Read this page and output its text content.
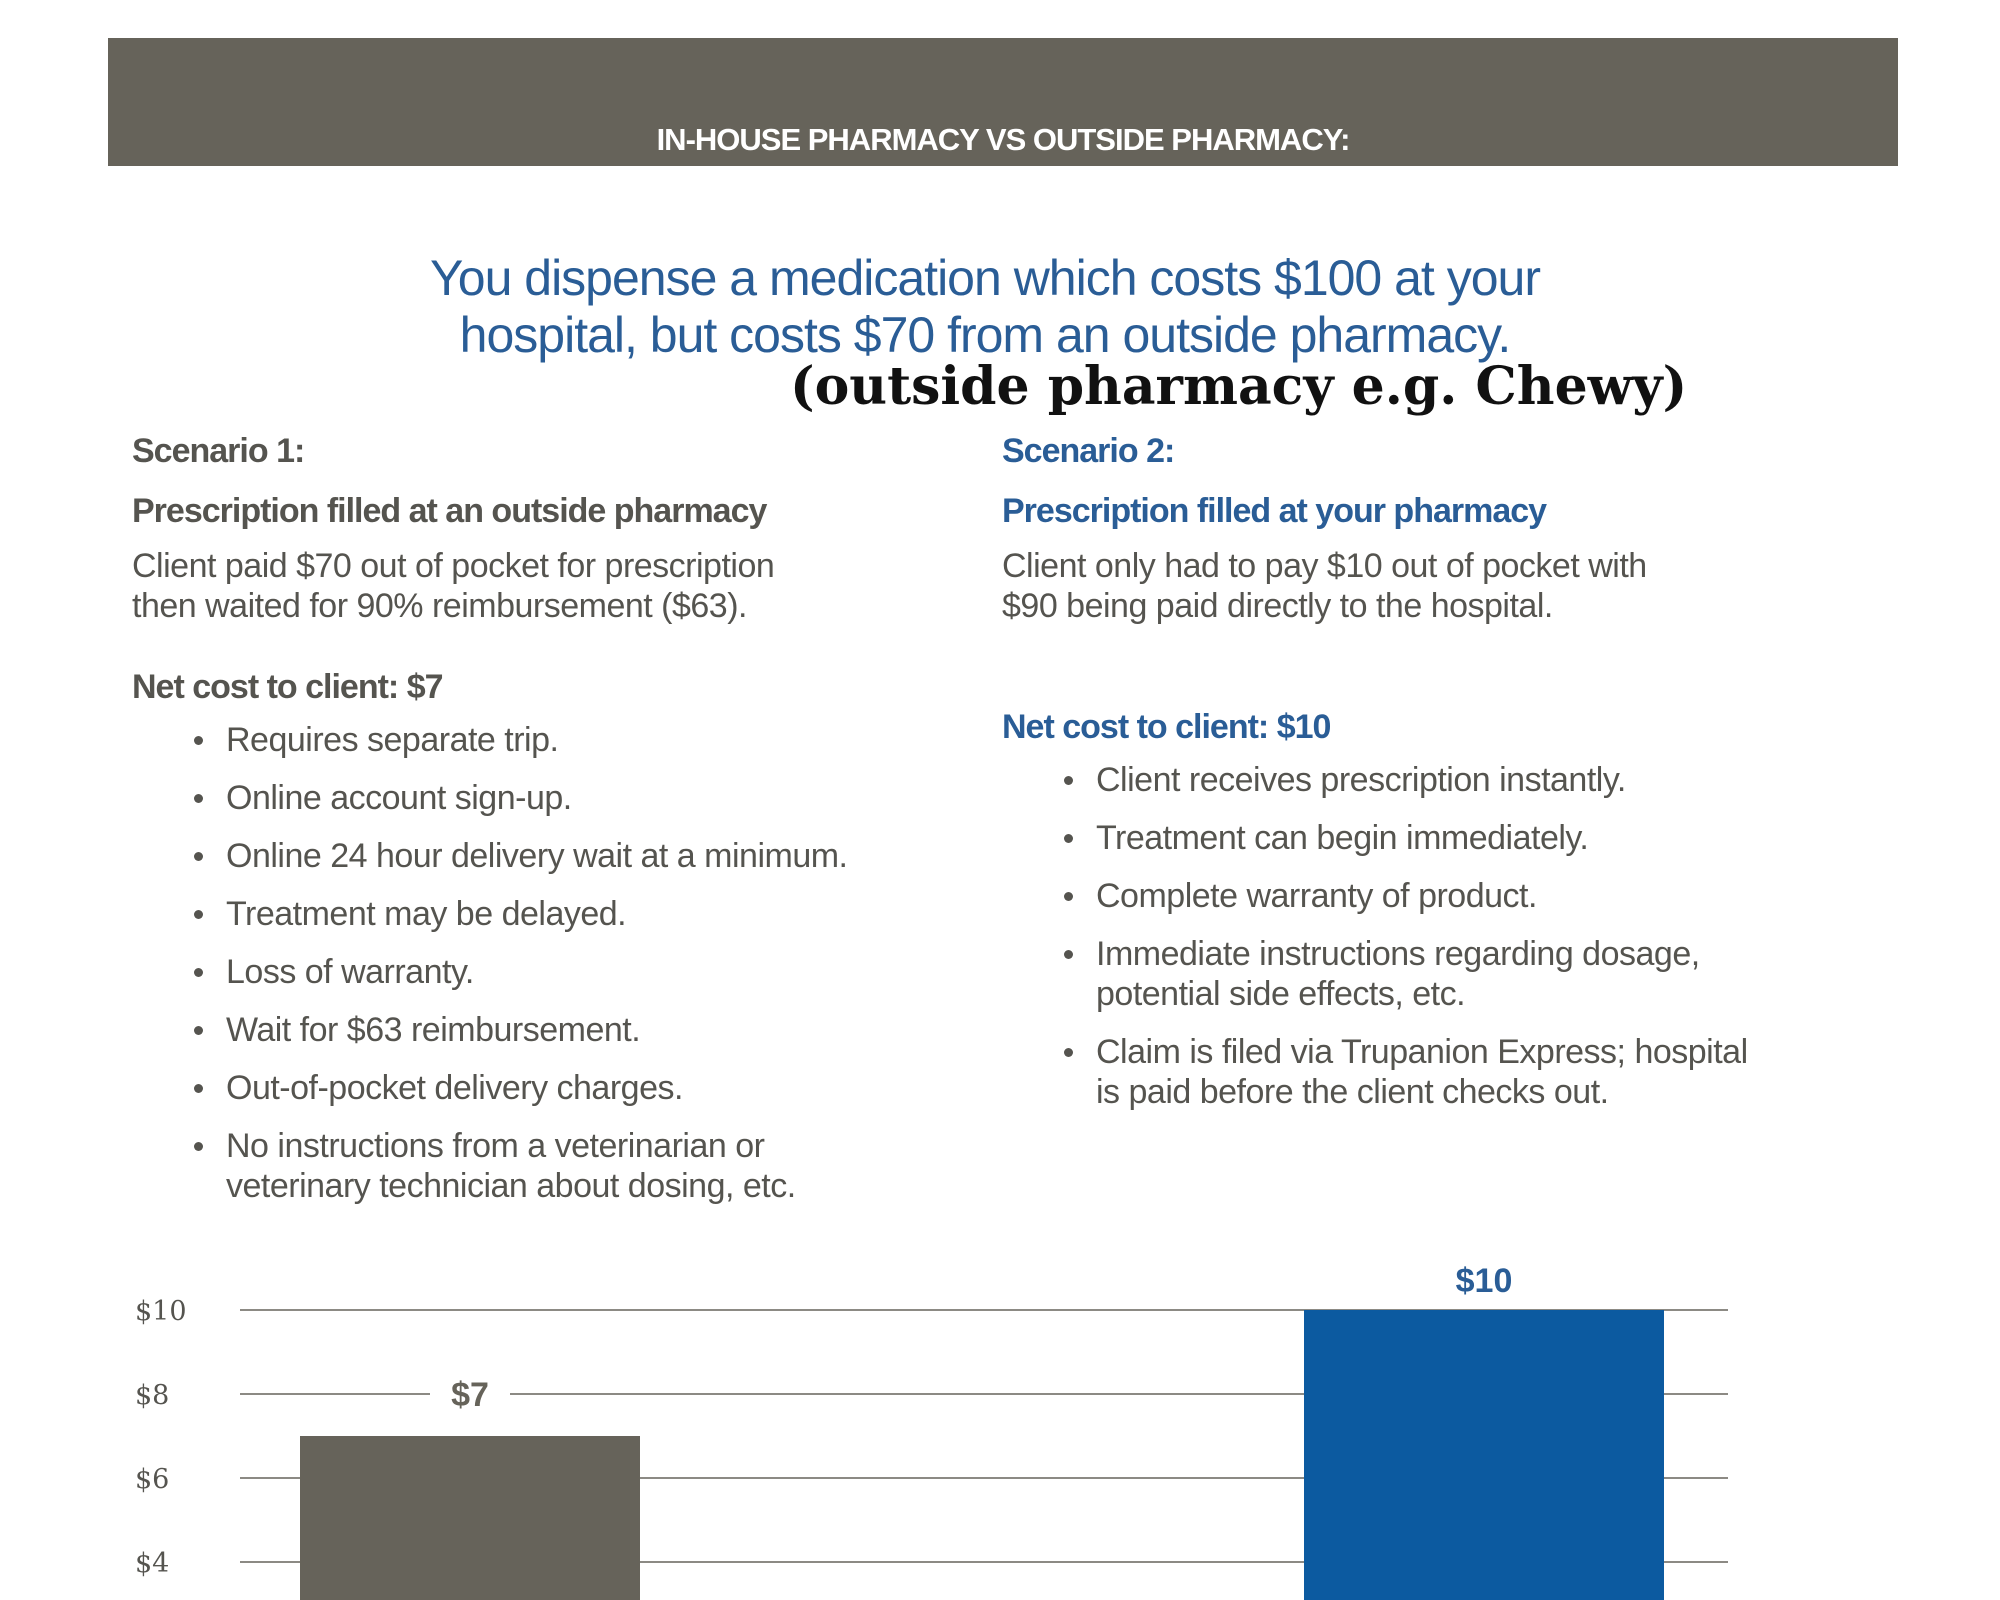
IN-HOUSE PHARMACY VS OUTSIDE PHARMACY:
You dispense a medication which costs $100 at your
hospital, but costs $70 from an outside pharmacy.
(outside pharmacy e.g. Chewy)
Scenario 1:
Prescription filled at an outside pharmacy
Client paid $70 out of pocket for prescription
then waited for 90% reimbursement ($63).
Net cost to client: $7
Requires separate trip.
Online account sign-up.
Online 24 hour delivery wait at a minimum.
Treatment may be delayed.
Loss of warranty.
Wait for $63 reimbursement.
Out-of-pocket delivery charges.
No instructions from a veterinarian or
veterinary technician about dosing, etc.
Scenario 2:
Prescription filled at your pharmacy
Client only had to pay $10 out of pocket with
$90 being paid directly to the hospital.
Net cost to client: $10
Client receives prescription instantly.
Treatment can begin immediately.
Complete warranty of product.
Immediate instructions regarding dosage,
potential side effects, etc.
Claim is filed via Trupanion Express; hospital
is paid before the client checks out.
$4
$6
$8
$10
$7
$10
